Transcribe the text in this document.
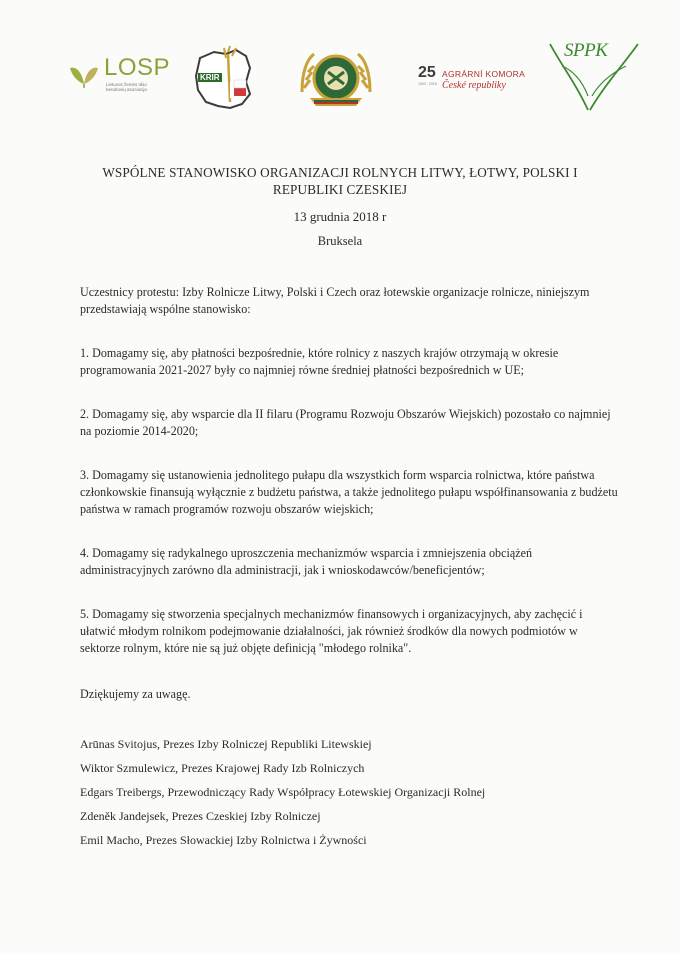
LOSP
Lietuvos žemės ūkio bendrovių asociacija
KRIR	25
1993 · 2018
AGRÁRNÍ KOMORA
České republiky
SPPK
WSPÓLNE STANOWISKO ORGANIZACJI ROLNYCH LITWY, ŁOTWY, POLSKI I REPUBLIKI CZESKIEJ
13 grudnia 2018 r
Bruksela
Uczestnicy protestu: Izby Rolnicze Litwy, Polski i Czech oraz łotewskie organizacje rolnicze, niniejszym przedstawiają wspólne stanowisko:
1. Domagamy się, aby płatności bezpośrednie, które rolnicy z naszych krajów otrzymają w okresie programowania 2021-2027 były co najmniej równe średniej płatności bezpośrednich w UE;
2. Domagamy się, aby wsparcie dla II filaru (Programu Rozwoju Obszarów Wiejskich) pozostało co najmniej na poziomie 2014-2020;
3. Domagamy się ustanowienia jednolitego pułapu dla wszystkich form wsparcia rolnictwa, które państwa członkowskie finansują wyłącznie z budżetu państwa, a także jednolitego pułapu współfinansowania z budżetu państwa w ramach programów rozwoju obszarów wiejskich;
4. Domagamy się radykalnego uproszczenia mechanizmów wsparcia i zmniejszenia obciążeń administracyjnych zarówno dla administracji, jak i wnioskodawców/beneficjentów;
5. Domagamy się stworzenia specjalnych mechanizmów finansowych i organizacyjnych, aby zachęcić i ułatwić młodym rolnikom podejmowanie działalności, jak również środków dla nowych podmiotów w sektorze rolnym, które nie są już objęte definicją "młodego rolnika".
Dziękujemy za uwagę.
Arūnas Svitojus, Prezes Izby Rolniczej Republiki Litewskiej
Wiktor Szmulewicz, Prezes Krajowej Rady Izb Rolniczych
Edgars Treibergs, Przewodniczący Rady Współpracy Łotewskiej Organizacji Rolnej
Zdeněk Jandejsek, Prezes Czeskiej Izby Rolniczej
Emil Macho, Prezes Słowackiej Izby Rolnictwa i Żywności
